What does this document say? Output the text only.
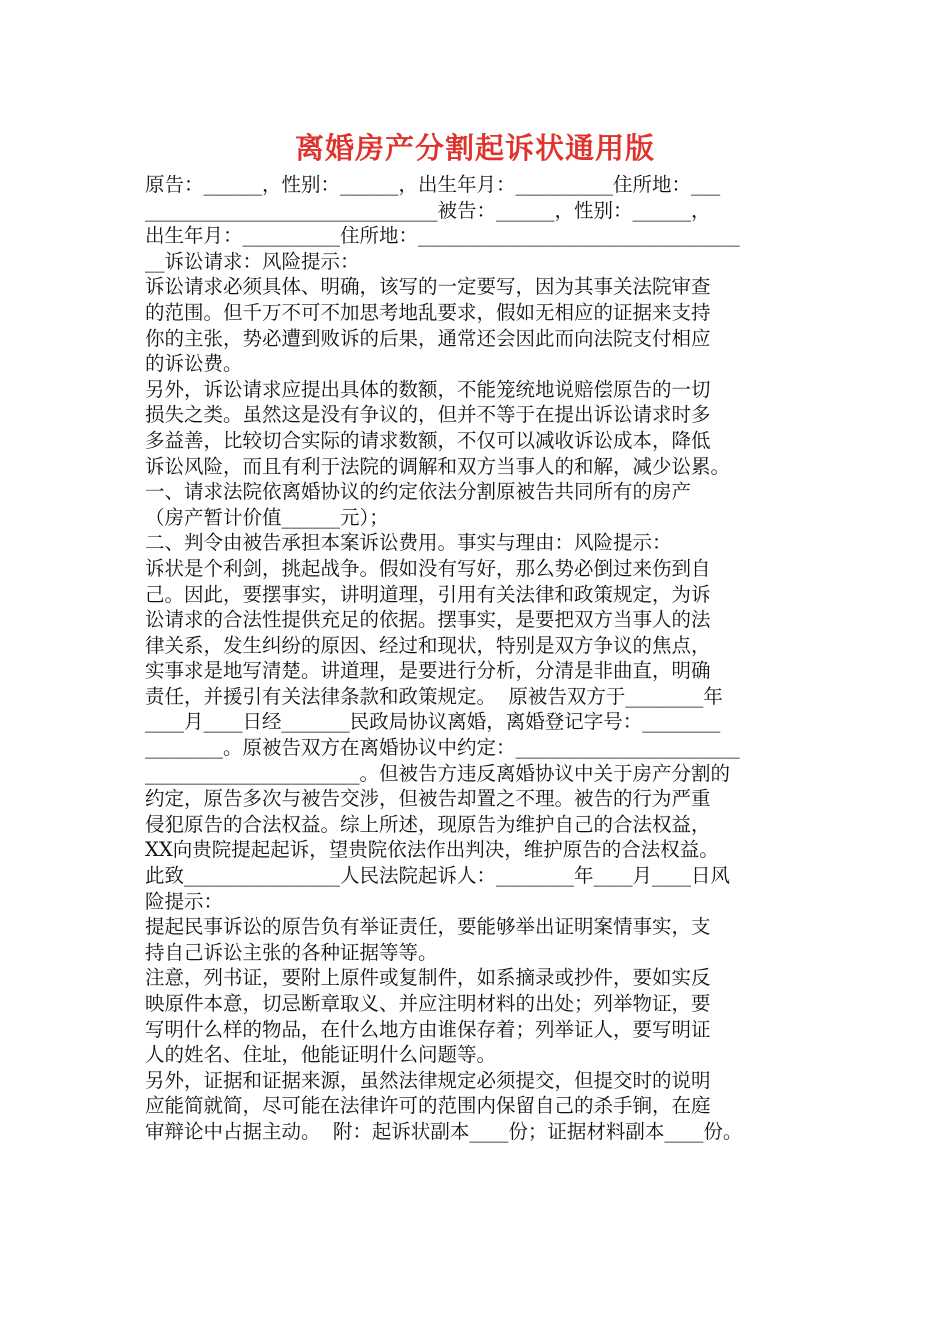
离婚房产分割起诉状通用版
原告：______，性别：______，出生年月：__________住所地：___
______________________________被告：______，性别：______，
出生年月：__________住所地：_________________________________
__诉讼请求：风险提示：
诉讼请求必须具体、明确，该写的一定要写，因为其事关法院审查
的范围。但千万不可不加思考地乱要求，假如无相应的证据来支持
你的主张，势必遭到败诉的后果，通常还会因此而向法院支付相应
的诉讼费。
另外，诉讼请求应提出具体的数额，不能笼统地说赔偿原告的一切
损失之类。虽然这是没有争议的，但并不等于在提出诉讼请求时多
多益善，比较切合实际的请求数额，不仅可以减收诉讼成本，降低
诉讼风险，而且有利于法院的调解和双方当事人的和解，减少讼累。
一、请求法院依离婚协议的约定依法分割原被告共同所有的房产
（房产暂计价值______元）；
二、判令由被告承担本案诉讼费用。事实与理由：风险提示：
诉状是个利剑，挑起战争。假如没有写好，那么势必倒过来伤到自
己。因此，要摆事实，讲明道理，引用有关法律和政策规定，为诉
讼请求的合法性提供充足的依据。摆事实，是要把双方当事人的法
律关系，发生纠纷的原因、经过和现状，特别是双方争议的焦点，
实事求是地写清楚。讲道理，是要进行分析，分清是非曲直，明确
责任，并援引有关法律条款和政策规定。  原被告双方于________年
____月____日经_______民政局协议离婚，离婚登记字号：________
________。原被告双方在离婚协议中约定：_______________________
______________________。但被告方违反离婚协议中关于房产分割的
约定，原告多次与被告交涉，但被告却置之不理。被告的行为严重
侵犯原告的合法权益。综上所述，现原告为维护自己的合法权益，
XX向贵院提起起诉，望贵院依法作出判决，维护原告的合法权益。
此致________________人民法院起诉人：________年____月____日风
险提示：
提起民事诉讼的原告负有举证责任，要能够举出证明案情事实，支
持自己诉讼主张的各种证据等等。
注意，列书证，要附上原件或复制件，如系摘录或抄件，要如实反
映原件本意，切忌断章取义、并应注明材料的出处；列举物证，要
写明什么样的物品，在什么地方由谁保存着；列举证人，要写明证
人的姓名、住址，他能证明什么问题等。
另外，证据和证据来源，虽然法律规定必须提交，但提交时的说明
应能简就简，尽可能在法律许可的范围内保留自己的杀手锏，在庭
审辩论中占据主动。  附：起诉状副本____份；证据材料副本____份。
